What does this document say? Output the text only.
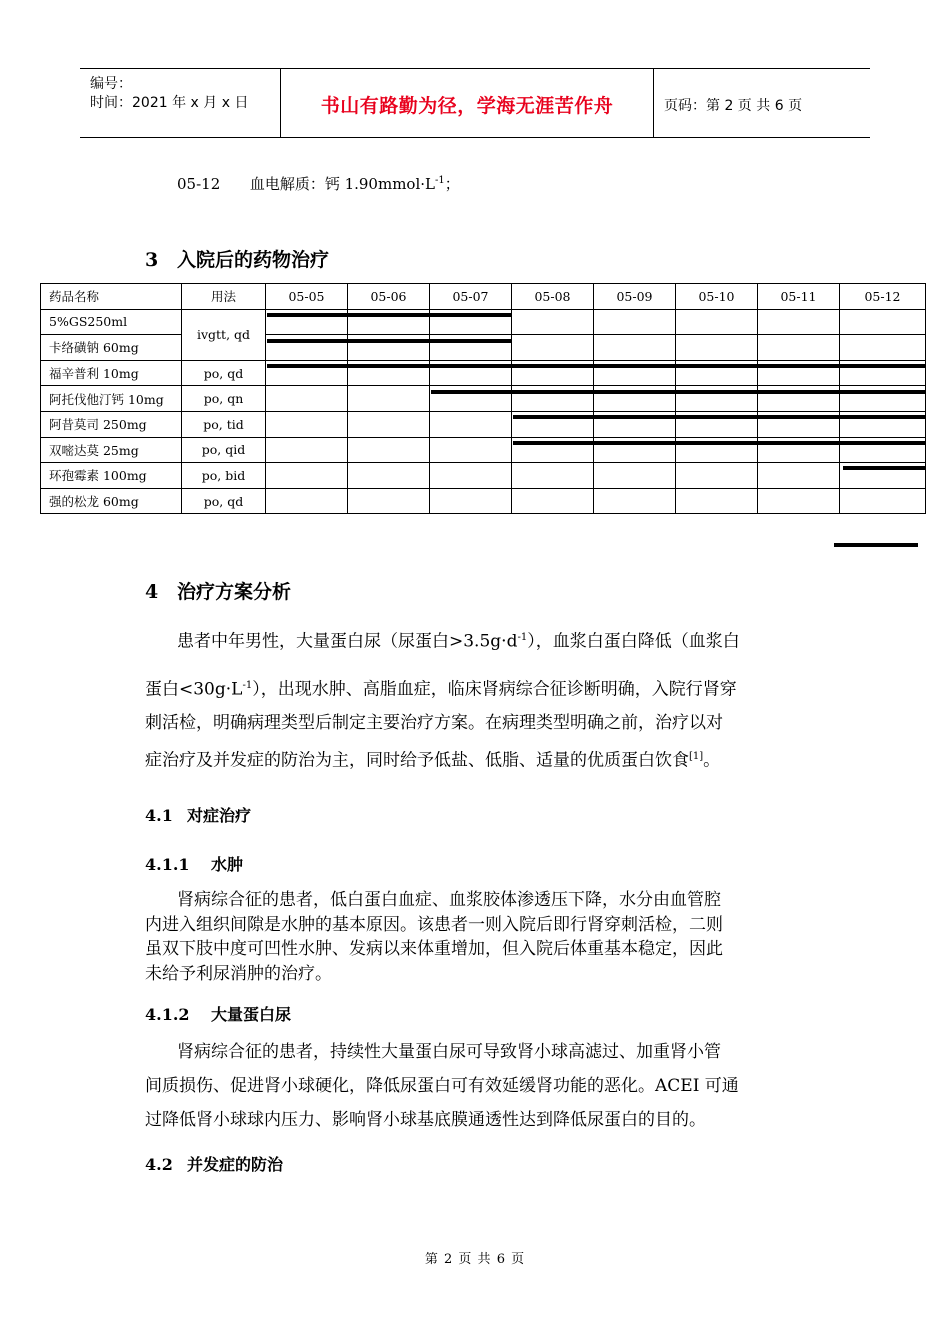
编号：
时间：2021 年 x 月 x 日	书山有路勤为径，学海无涯苦作舟	页码：第 2 页 共 6 页
05-12 血电解质：钙 $1.90mmol\cdot L^{-1}$；
3 入院后的药物治疗
药品名称	用法	05-05	05-06	05-07	05-08	05-09	05-10	05-11	05-12
5%GS250ml	ivgtt, qd								
卡络磺钠 60mg									
福辛普利 10mg	po, qd								
阿托伐他汀钙 10mg	po, qn								
阿昔莫司 250mg	po, tid								
双嘧达莫 25mg	po, qid								
环孢霉素 100mg	po, bid								
强的松龙 60mg	po, qd								
4 治疗方案分析
患者中年男性，大量蛋白尿（尿蛋白$>3.5g\cdot d^{-1}$），血浆白蛋白降低（血浆白
蛋白$<30g\cdot L^{-1}$），出现水肿、高脂血症，临床肾病综合征诊断明确，入院行肾穿
刺活检，明确病理类型后制定主要治疗方案。在病理类型明确之前，治疗以对
症治疗及并发症的防治为主，同时给予低盐、低脂、适量的优质蛋白饮食[1]。
4.1 对症治疗
4.1.1 水肿
肾病综合征的患者，低白蛋白血症、血浆胶体渗透压下降，水分由血管腔
内进入组织间隙是水肿的基本原因。该患者一则入院后即行肾穿刺活检，二则
虽双下肢中度可凹性水肿、发病以来体重增加，但入院后体重基本稳定，因此
未给予利尿消肿的治疗。
4.1.2 大量蛋白尿
肾病综合征的患者，持续性大量蛋白尿可导致肾小球高滤过、加重肾小管
间质损伤、促进肾小球硬化，降低尿蛋白可有效延缓肾功能的恶化。ACEI 可通
过降低肾小球球内压力、影响肾小球基底膜通透性达到降低尿蛋白的目的。
4.2 并发症的防治
第 2 页 共 6 页
